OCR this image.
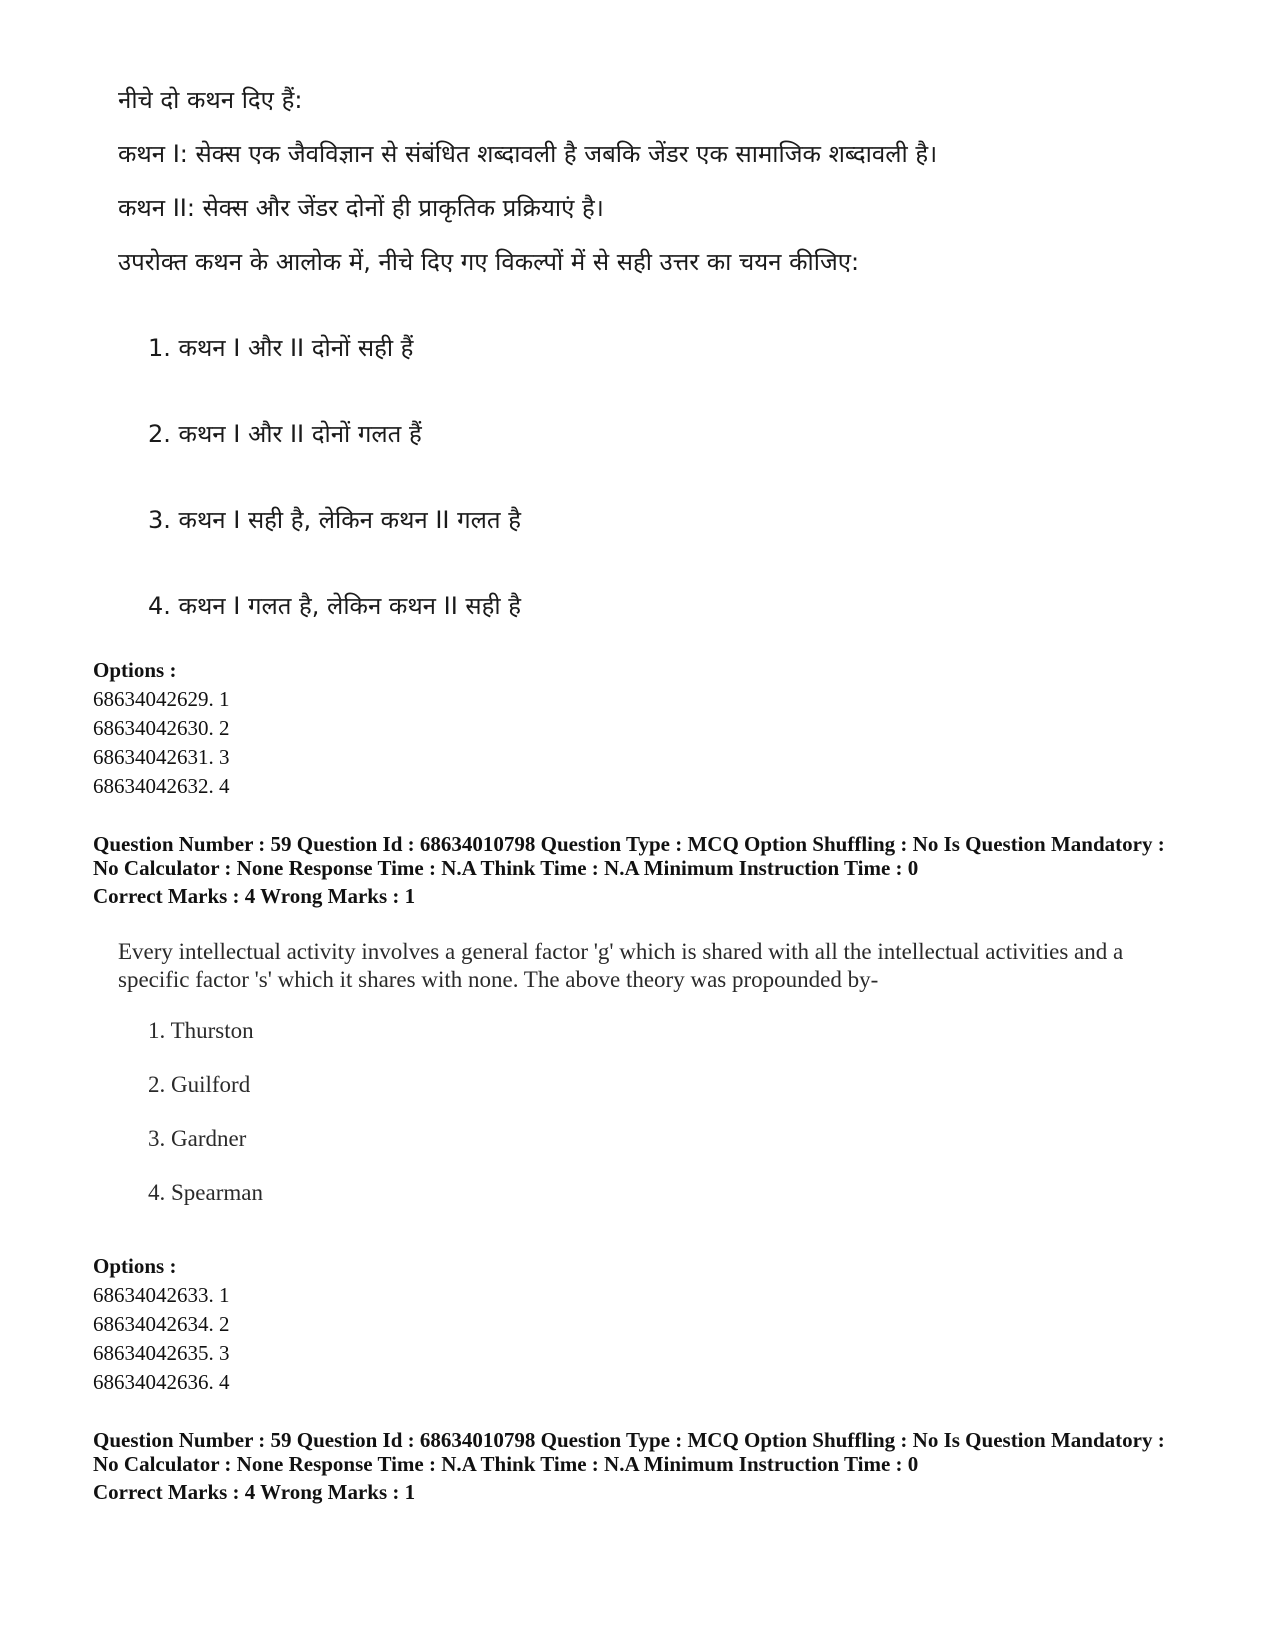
नीचे दो कथन दिए हैं:
कथन I: सेक्स एक जैवविज्ञान से संबंधित शब्दावली है जबकि जेंडर एक सामाजिक शब्दावली है।
कथन II: सेक्स और जेंडर दोनों ही प्राकृतिक प्रक्रियाएं है।
उपरोक्त कथन के आलोक में, नीचे दिए गए विकल्पों में से सही उत्तर का चयन कीजिए:
1. कथन I और II दोनों सही हैं
2. कथन I और II दोनों गलत हैं
3. कथन I सही है, लेकिन कथन II गलत है
4. कथन I गलत है, लेकिन कथन II सही है
Options :
68634042629. 1
68634042630. 2
68634042631. 3
68634042632. 4
Question Number : 59 Question Id : 68634010798 Question Type : MCQ Option Shuffling : No Is Question Mandatory :
No Calculator : None Response Time : N.A Think Time : N.A Minimum Instruction Time : 0
Correct Marks : 4 Wrong Marks : 1
Every intellectual activity involves a general factor 'g' which is shared with all the intellectual activities and a
specific factor 's' which it shares with none. The above theory was propounded by-
1. Thurston
2. Guilford
3. Gardner
4. Spearman
Options :
68634042633. 1
68634042634. 2
68634042635. 3
68634042636. 4
Question Number : 59 Question Id : 68634010798 Question Type : MCQ Option Shuffling : No Is Question Mandatory :
No Calculator : None Response Time : N.A Think Time : N.A Minimum Instruction Time : 0
Correct Marks : 4 Wrong Marks : 1
